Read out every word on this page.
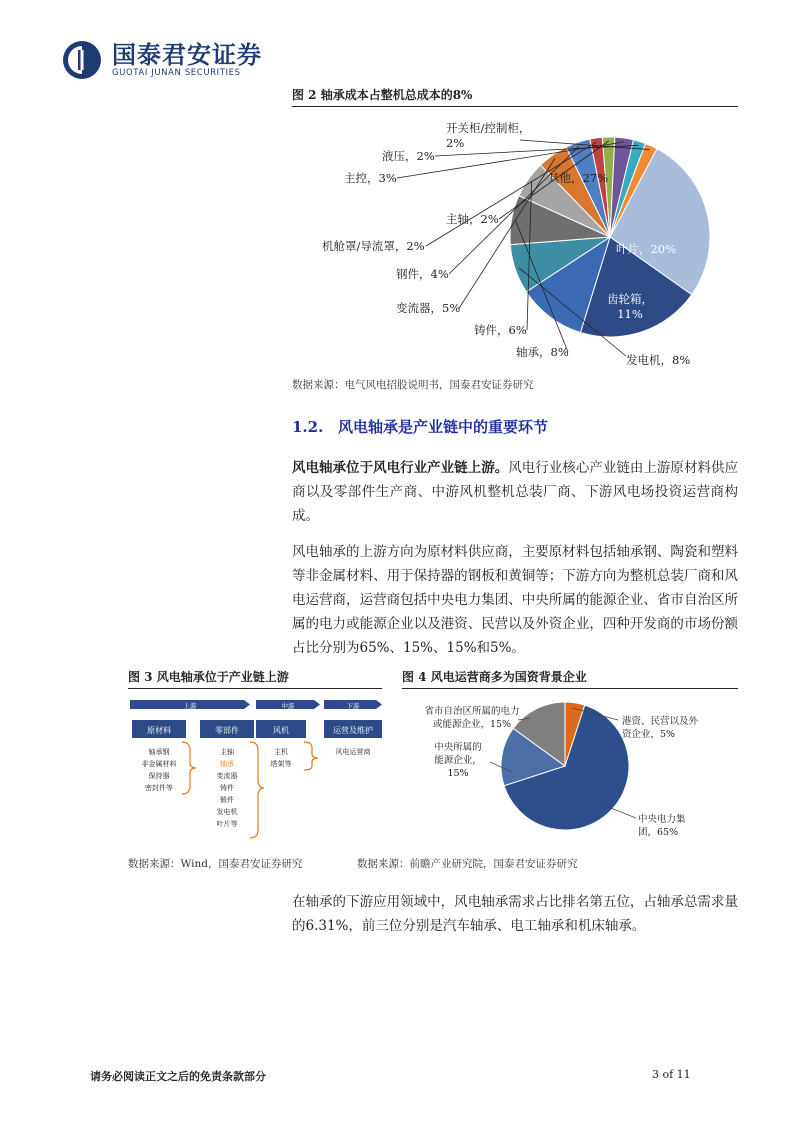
国泰君安证券
GUOTAI JUNAN SECURITIES
图 2 轴承成本占整机总成本的8%
其他，27%
叶片，20%
齿轮箱， 11%
发电机，8%
轴承，8%
铸件，6%
变流器，5%
钢件，4%
机舱罩/导流罩，2%
主轴，2%
主控，3%
液压，2%
开关柜/控制柜， 2%
数据来源：电气风电招股说明书，国泰君安证券研究
1.2. 风电轴承是产业链中的重要环节
风电轴承位于风电行业产业链上游。风电行业核心产业链由上游原材料供应商以及零部件生产商、中游风机整机总装厂商、下游风电场投资运营商构成。
风电轴承的上游方向为原材料供应商，主要原材料包括轴承钢、陶瓷和塑料等非金属材料、用于保持器的钢板和黄铜等；下游方向为整机总装厂商和风电运营商，运营商包括中央电力集团、中央所属的能源企业、省市自治区所属的电力或能源企业以及港资、民营以及外资企业，四种开发商的市场份额占比分别为65%、15%、15%和5%。
图 3 风电轴承位于产业链上游
上游	中游	下游
原材料	零部件	风机	运营及维护
轴承钢
非金属材料
保持器
密封件等
主轴
轴承
变流器
铸件
锻件
发电机
叶片等
主机
塔架等
风电运营商
数据来源：Wind，国泰君安证券研究
图 4 风电运营商多为国资背景企业
港资、民营以及外资企业，5%
中央电力集团，65%
中央所属的能源企业， 15%
省市自治区所属的电力或能源企业，15%
数据来源：前瞻产业研究院，国泰君安证券研究
在轴承的下游应用领域中，风电轴承需求占比排名第五位，占轴承总需求量的6.31%，前三位分别是汽车轴承、电工轴承和机床轴承。
请务必阅读正文之后的免责条款部分	3 of 11
